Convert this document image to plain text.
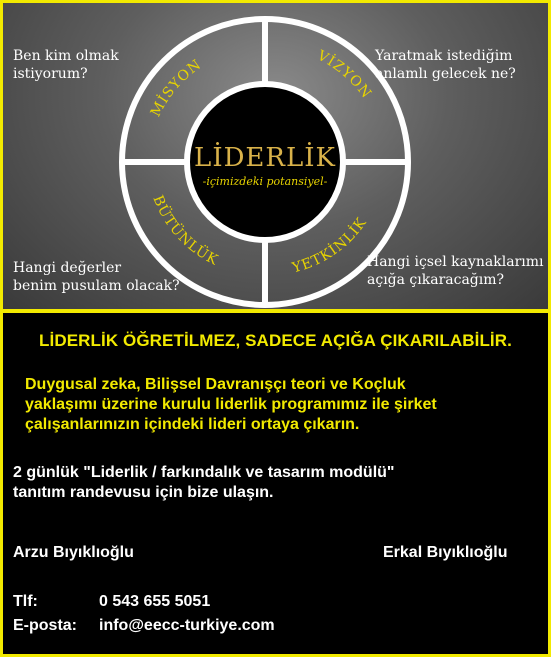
MİSYON	VİZYON
BÜTÜNLÜK	YETKİNLİK
LİDERLİK
-içimizdeki potansiyel-
Ben kim olmak
istiyorum?
Yaratmak istediğim
anlamlı gelecek ne?
Hangi değerler
benim pusulam olacak?
Hangi içsel kaynaklarımı
açığa çıkaracağım?
LİDERLİK ÖĞRETİLMEZ, SADECE AÇIĞA ÇIKARILABİLİR.
Duygusal zeka, Bilişsel Davranışçı teori ve Koçluk
yaklaşımı üzerine kurulu liderlik programımız ile şirket
çalışanlarınızın içindeki lideri ortaya çıkarın.
2 günlük "Liderlik / farkındalık ve tasarım modülü"
tanıtım randevusu için bize ulaşın.
Arzu Bıyıklıoğlu	Erkal Bıyıklıoğlu
Tlf:	0 543 655 5051
E-posta: info@eecc-turkiye.com
